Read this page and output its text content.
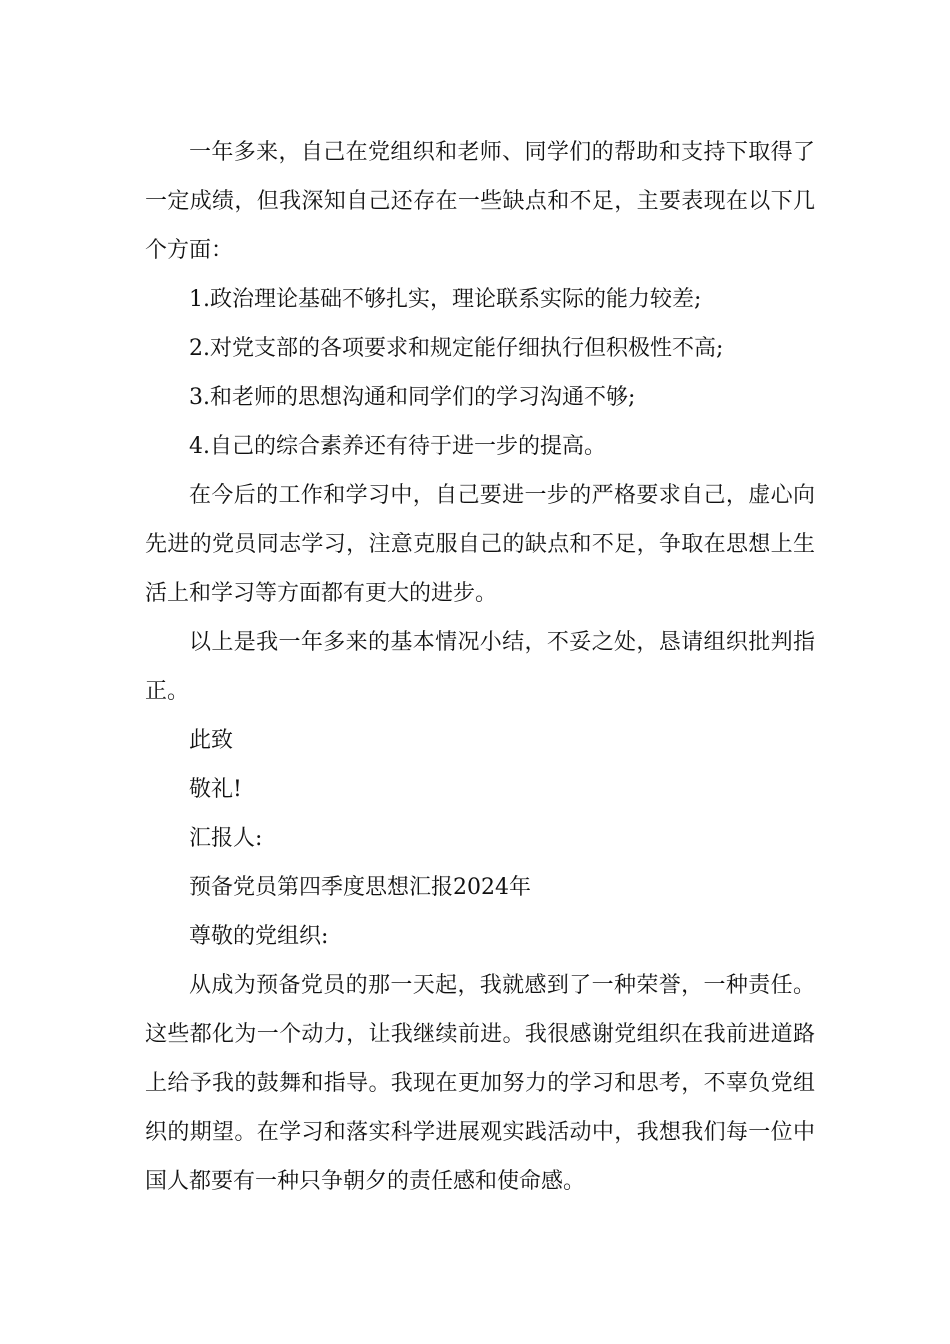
一年多来，自己在党组织和老师、同学们的帮助和支持下取得了一定成绩，但我深知自己还存在一些缺点和不足，主要表现在以下几个方面：

1.政治理论基础不够扎实，理论联系实际的能力较差;

2.对党支部的各项要求和规定能仔细执行但积极性不高;

3.和老师的思想沟通和同学们的学习沟通不够;

4.自己的综合素养还有待于进一步的提高。

在今后的工作和学习中，自己要进一步的严格要求自己，虚心向先进的党员同志学习，注意克服自己的缺点和不足，争取在思想上生活上和学习等方面都有更大的进步。

以上是我一年多来的基本情况小结，不妥之处，恳请组织批判指正。

此致

敬礼!

汇报人:

预备党员第四季度思想汇报2024年

尊敬的党组织:

从成为预备党员的那一天起，我就感到了一种荣誉，一种责任。这些都化为一个动力，让我继续前进。我很感谢党组织在我前进道路上给予我的鼓舞和指导。我现在更加努力的学习和思考，不辜负党组织的期望。在学习和落实科学进展观实践活动中，我想我们每一位中国人都要有一种只争朝夕的责任感和使命感。
